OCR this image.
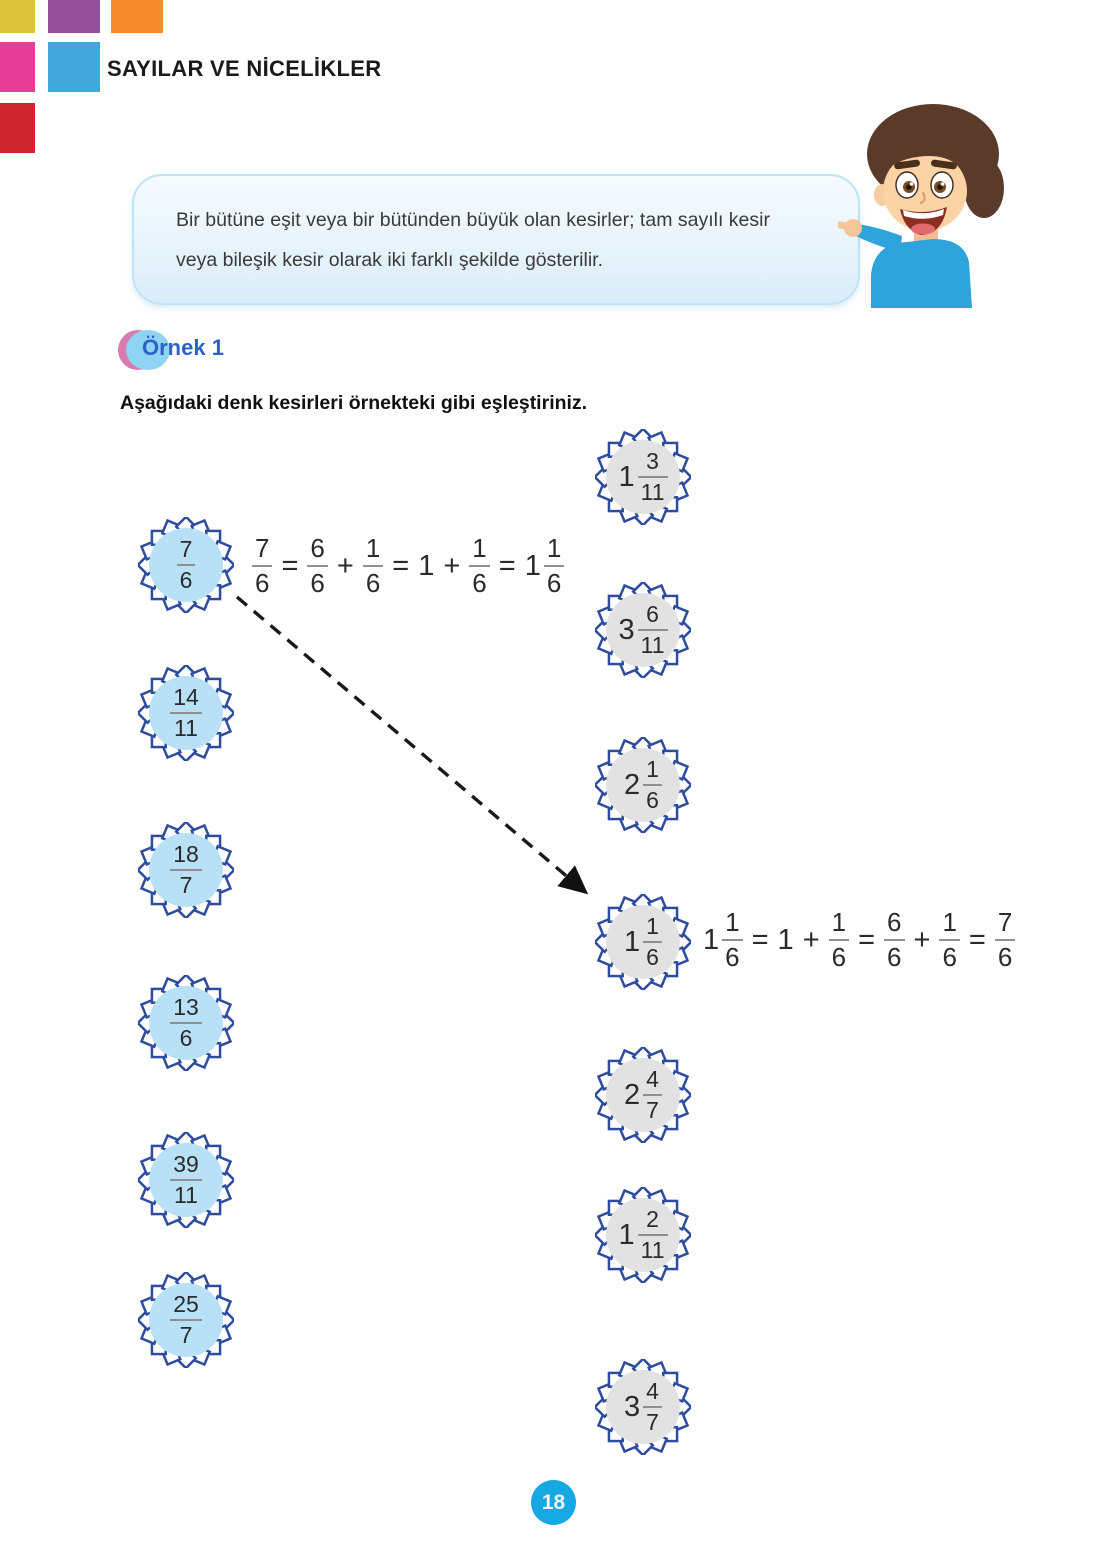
SAYILAR VE NİCELİKLER
Bir bütüne eşit veya bir bütünden büyük olan kesirler; tam sayılı kesir
veya bileşik kesir olarak iki farklı şekilde gösterilir.
Örnek 1
Aşağıdaki denk kesirleri örnekteki gibi eşleştiriniz.
$\frac{7}{6}$
$\frac{14}{11}$
$\frac{18}{7}$
$\frac{13}{6}$
$\frac{39}{11}$
$\frac{25}{7}$
$1 \frac{3}{11}$
$3 \frac{6}{11}$
$2 \frac{1}{6}$
$1 \frac{1}{6}$
$2 \frac{4}{7}$
$1 \frac{2}{11}$
$3 \frac{4}{7}$
$\frac{7}{6} = \frac{6}{6} + \frac{1}{6} = 1 + \frac{1}{6} = 1 \frac{1}{6}$
$1 \frac{1}{6} = 1 + \frac{1}{6} = \frac{6}{6} + \frac{1}{6} = \frac{7}{6}$
18
